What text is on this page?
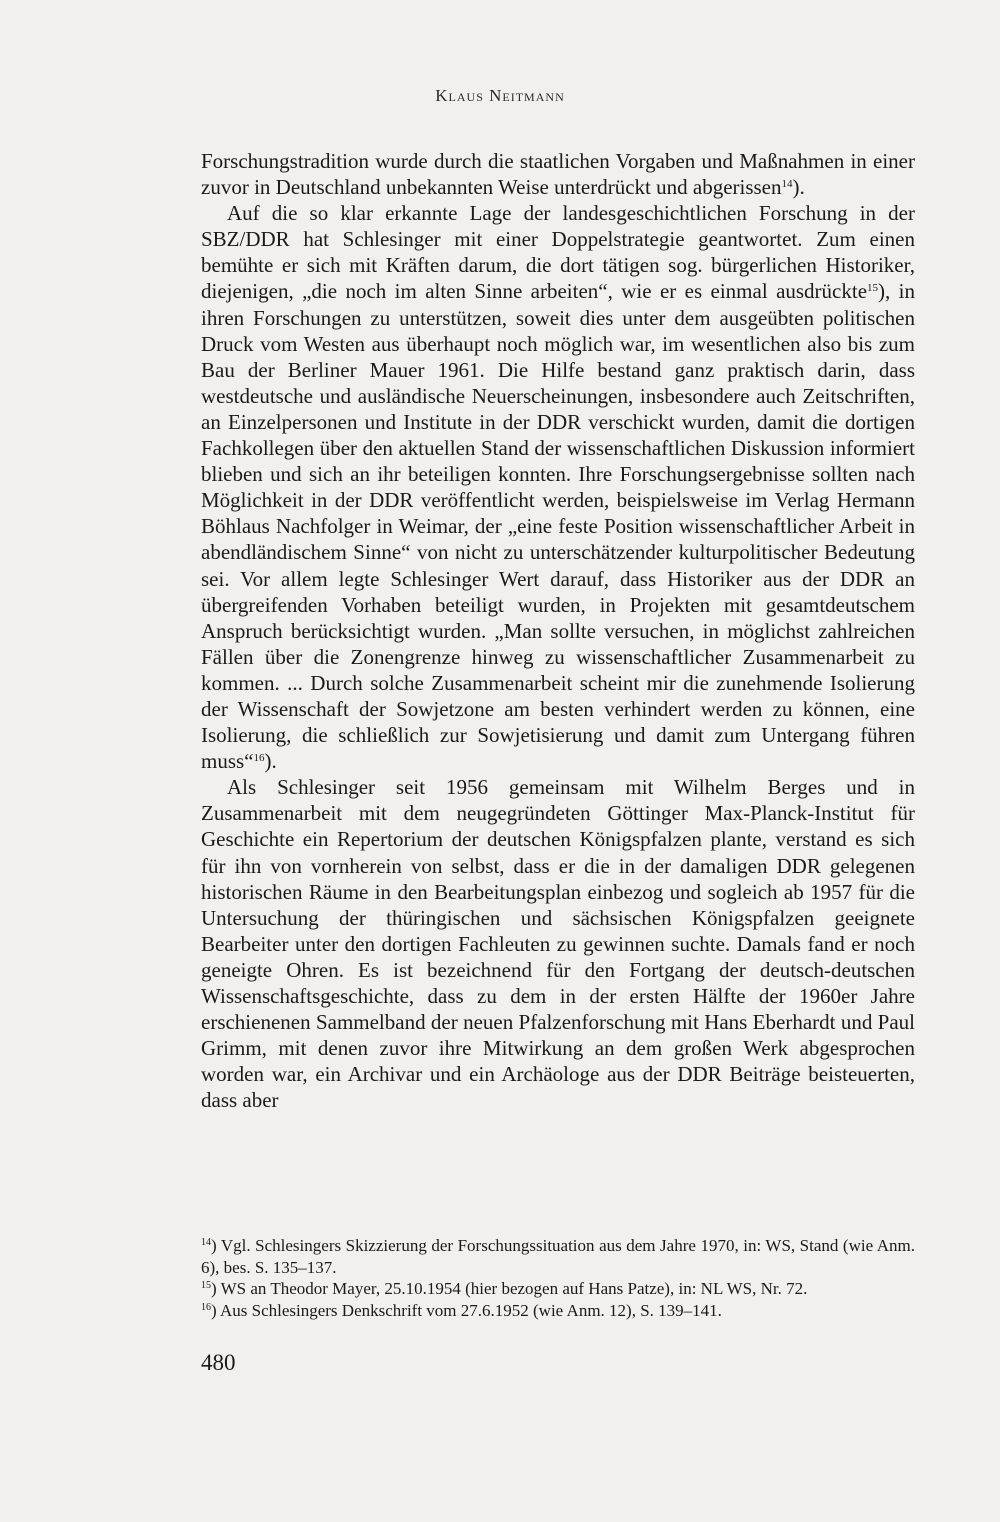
Klaus Neitmann

Forschungstradition wurde durch die staatlichen Vorgaben und Maßnahmen in einer zuvor in Deutschland unbekannten Weise unterdrückt und abgerissen$^{14}$).

Auf die so klar erkannte Lage der landesgeschichtlichen Forschung in der SBZ/DDR hat Schlesinger mit einer Doppelstrategie geantwortet. Zum einen bemühte er sich mit Kräften darum, die dort tätigen sog. bürgerlichen Historiker, diejenigen, „die noch im alten Sinne arbeiten“, wie er es einmal ausdrückte$^{15}$), in ihren Forschungen zu unterstützen, soweit dies unter dem ausgeübten politischen Druck vom Westen aus überhaupt noch möglich war, im wesentlichen also bis zum Bau der Berliner Mauer 1961. Die Hilfe bestand ganz praktisch darin, dass westdeutsche und ausländische Neuerscheinungen, insbesondere auch Zeitschriften, an Einzelpersonen und Institute in der DDR verschickt wurden, damit die dortigen Fachkollegen über den aktuellen Stand der wissenschaftlichen Diskussion informiert blieben und sich an ihr beteiligen konnten. Ihre Forschungsergebnisse sollten nach Möglichkeit in der DDR veröffentlicht werden, beispielsweise im Verlag Hermann Böhlaus Nachfolger in Weimar, der „eine feste Position wissenschaftlicher Arbeit in abendländischem Sinne“ von nicht zu unterschätzender kulturpolitischer Bedeutung sei. Vor allem legte Schlesinger Wert darauf, dass Historiker aus der DDR an übergreifenden Vorhaben beteiligt wurden, in Projekten mit gesamtdeutschem Anspruch berücksichtigt wurden. „Man sollte versuchen, in möglichst zahlreichen Fällen über die Zonengrenze hinweg zu wissenschaftlicher Zusammenarbeit zu kommen. ... Durch solche Zusammenarbeit scheint mir die zunehmende Isolierung der Wissenschaft der Sowjetzone am besten verhindert werden zu können, eine Isolierung, die schließlich zur Sowjetisierung und damit zum Untergang führen muss“$^{16}$).

Als Schlesinger seit 1956 gemeinsam mit Wilhelm Berges und in Zusammenarbeit mit dem neugegründeten Göttinger Max-Planck-Institut für Geschichte ein Repertorium der deutschen Königspfalzen plante, verstand es sich für ihn von vornherein von selbst, dass er die in der damaligen DDR gelegenen historischen Räume in den Bearbeitungsplan einbezog und sogleich ab 1957 für die Untersuchung der thüringischen und sächsischen Königspfalzen geeignete Bearbeiter unter den dortigen Fachleuten zu gewinnen suchte. Damals fand er noch geneigte Ohren. Es ist bezeichnend für den Fortgang der deutsch-deutschen Wissenschaftsgeschichte, dass zu dem in der ersten Hälfte der 1960er Jahre erschienenen Sammelband der neuen Pfalzenforschung mit Hans Eberhardt und Paul Grimm, mit denen zuvor ihre Mitwirkung an dem großen Werk abgesprochen worden war, ein Archivar und ein Archäologe aus der DDR Beiträge beisteuerten, dass aber

$^{14}$) Vgl. Schlesingers Skizzierung der Forschungssituation aus dem Jahre 1970, in: WS, Stand (wie Anm. 6), bes. S. 135–137.

$^{15}$) WS an Theodor Mayer, 25.10.1954 (hier bezogen auf Hans Patze), in: NL WS, Nr. 72.

$^{16}$) Aus Schlesingers Denkschrift vom 27.6.1952 (wie Anm. 12), S. 139–141.

480
